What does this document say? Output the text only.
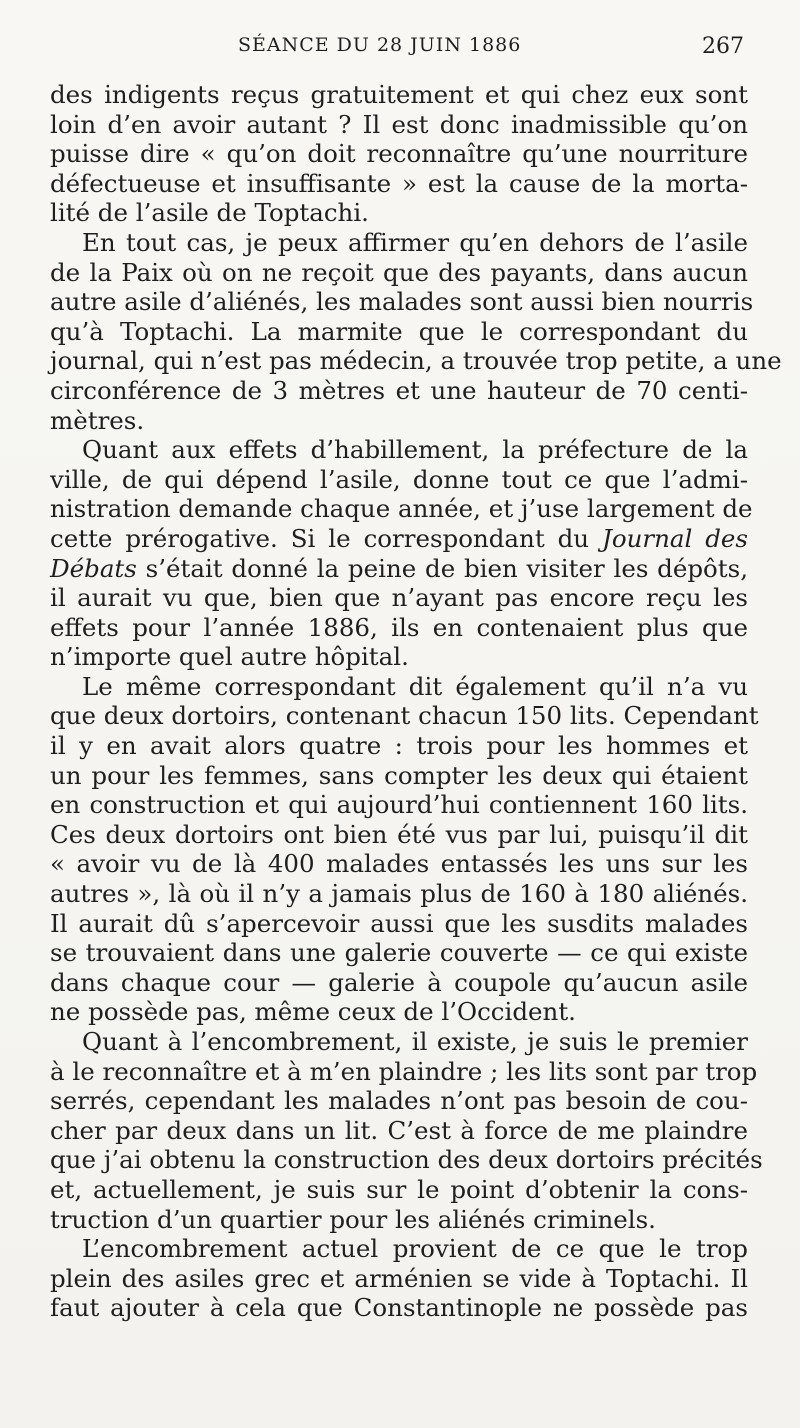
SÉANCE DU 28 JUIN 1886	267

des indigents reçus gratuitement et qui chez eux sont
loin d’en avoir autant ? Il est donc inadmissible qu’on
puisse dire « qu’on doit reconnaître qu’une nourriture
défectueuse et insuffisante » est la cause de la morta-
lité de l’asile de Toptachi.

En tout cas, je peux affirmer qu’en dehors de l’asile
de la Paix où on ne reçoit que des payants, dans aucun
autre asile d’aliénés, les malades sont aussi bien nourris
qu’à Toptachi. La marmite que le correspondant du
journal, qui n’est pas médecin, a trouvée trop petite, a une
circonférence de 3 mètres et une hauteur de 70 centi-
mètres.

Quant aux effets d’habillement, la préfecture de la
ville, de qui dépend l’asile, donne tout ce que l’admi-
nistration demande chaque année, et j’use largement de
cette prérogative. Si le correspondant du Journal des
Débats s’était donné la peine de bien visiter les dépôts,
il aurait vu que, bien que n’ayant pas encore reçu les
effets pour l’année 1886, ils en contenaient plus que
n’importe quel autre hôpital.

Le même correspondant dit également qu’il n’a vu
que deux dortoirs, contenant chacun 150 lits. Cependant
il y en avait alors quatre : trois pour les hommes et
un pour les femmes, sans compter les deux qui étaient
en construction et qui aujourd’hui contiennent 160 lits.
Ces deux dortoirs ont bien été vus par lui, puisqu’il dit
« avoir vu de là 400 malades entassés les uns sur les
autres », là où il n’y a jamais plus de 160 à 180 aliénés.
Il aurait dû s’apercevoir aussi que les susdits malades
se trouvaient dans une galerie couverte — ce qui existe
dans chaque cour — galerie à coupole qu’aucun asile
ne possède pas, même ceux de l’Occident.

Quant à l’encombrement, il existe, je suis le premier
à le reconnaître et à m’en plaindre ; les lits sont par trop
serrés, cependant les malades n’ont pas besoin de cou-
cher par deux dans un lit. C’est à force de me plaindre
que j’ai obtenu la construction des deux dortoirs précités
et, actuellement, je suis sur le point d’obtenir la cons-
truction d’un quartier pour les aliénés criminels.

L’encombrement actuel provient de ce que le trop
plein des asiles grec et arménien se vide à Toptachi. Il
faut ajouter à cela que Constantinople ne possède pas
